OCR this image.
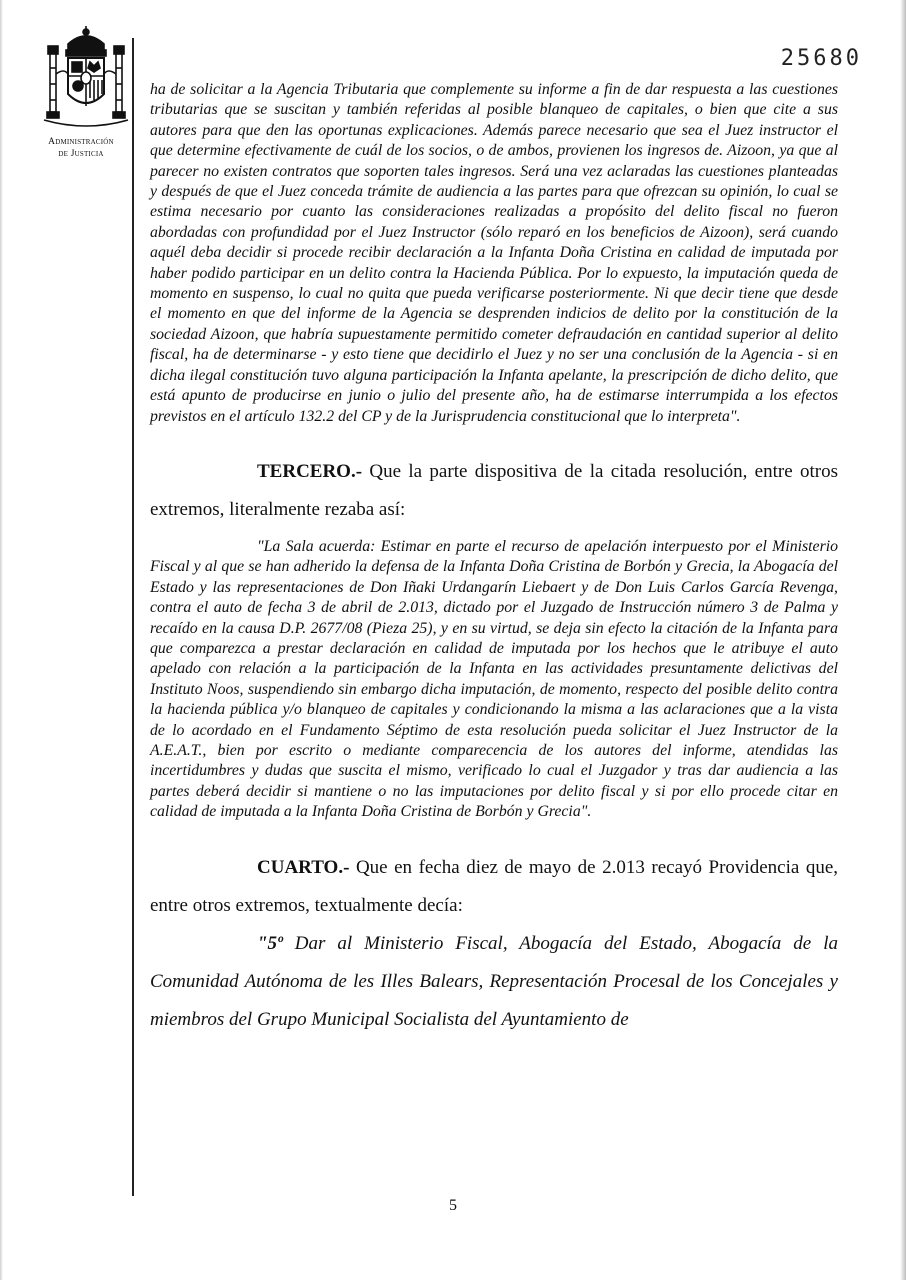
Administración
de Justicia
25680

ha de solicitar a la Agencia Tributaria que complemente su informe a fin de dar respuesta a las cuestiones tributarias que se suscitan y también referidas al posible blanqueo de capitales, o bien que cite a sus autores para que den las oportunas explicaciones. Además parece necesario que sea el Juez instructor el que determine efectivamente de cuál de los socios, o de ambos, provienen los ingresos de. Aizoon, ya que al parecer no existen contratos que soporten tales ingresos. Será una vez aclaradas las cuestiones planteadas y después de que el Juez conceda trámite de audiencia a las partes para que ofrezcan su opinión, lo cual se estima necesario por cuanto las consideraciones realizadas a propósito del delito fiscal no fueron abordadas con profundidad por el Juez Instructor (sólo reparó en los beneficios de Aizoon), será cuando aquél deba decidir si procede recibir declaración a la Infanta Doña Cristina en calidad de imputada por haber podido participar en un delito contra la Hacienda Pública. Por lo expuesto, la imputación queda de momento en suspenso, lo cual no quita que pueda verificarse posteriormente. Ni que decir tiene que desde el momento en que del informe de la Agencia se desprenden indicios de delito por la constitución de la sociedad Aizoon, que habría supuestamente permitido cometer defraudación en cantidad superior al delito fiscal, ha de determinarse - y esto tiene que decidirlo el Juez y no ser una conclusión de la Agencia - si en dicha ilegal constitución tuvo alguna participación la Infanta apelante, la prescripción de dicho delito, que está apunto de producirse en junio o julio del presente año, ha de estimarse interrumpida a los efectos previstos en el artículo 132.2 del CP y de la Jurisprudencia constitucional que lo interpreta".

TERCERO.- Que la parte dispositiva de la citada resolución, entre otros extremos, literalmente rezaba así:

"La Sala acuerda: Estimar en parte el recurso de apelación interpuesto por el Ministerio Fiscal y al que se han adherido la defensa de la Infanta Doña Cristina de Borbón y Grecia, la Abogacía del Estado y las representaciones de Don Iñaki Urdangarín Liebaert y de Don Luis Carlos García Revenga, contra el auto de fecha 3 de abril de 2.013, dictado por el Juzgado de Instrucción número 3 de Palma y recaído en la causa D.P. 2677/08 (Pieza 25), y en su virtud, se deja sin efecto la citación de la Infanta para que comparezca a prestar declaración en calidad de imputada por los hechos que le atribuye el auto apelado con relación a la participación de la Infanta en las actividades presuntamente delictivas del Instituto Noos, suspendiendo sin embargo dicha imputación, de momento, respecto del posible delito contra la hacienda pública y/o blanqueo de capitales y condicionando la misma a las aclaraciones que a la vista de lo acordado en el Fundamento Séptimo de esta resolución pueda solicitar el Juez Instructor de la A.E.A.T., bien por escrito o mediante comparecencia de los autores del informe, atendidas las incertidumbres y dudas que suscita el mismo, verificado lo cual el Juzgador y tras dar audiencia a las partes deberá decidir si mantiene o no las imputaciones por delito fiscal y si por ello procede citar en calidad de imputada a la Infanta Doña Cristina de Borbón y Grecia".

CUARTO.- Que en fecha diez de mayo de 2.013 recayó Providencia que, entre otros extremos, textualmente decía:

"5º Dar al Ministerio Fiscal, Abogacía del Estado, Abogacía de la Comunidad Autónoma de les Illes Balears, Representación Procesal de los Concejales y miembros del Grupo Municipal Socialista del Ayuntamiento de

5
